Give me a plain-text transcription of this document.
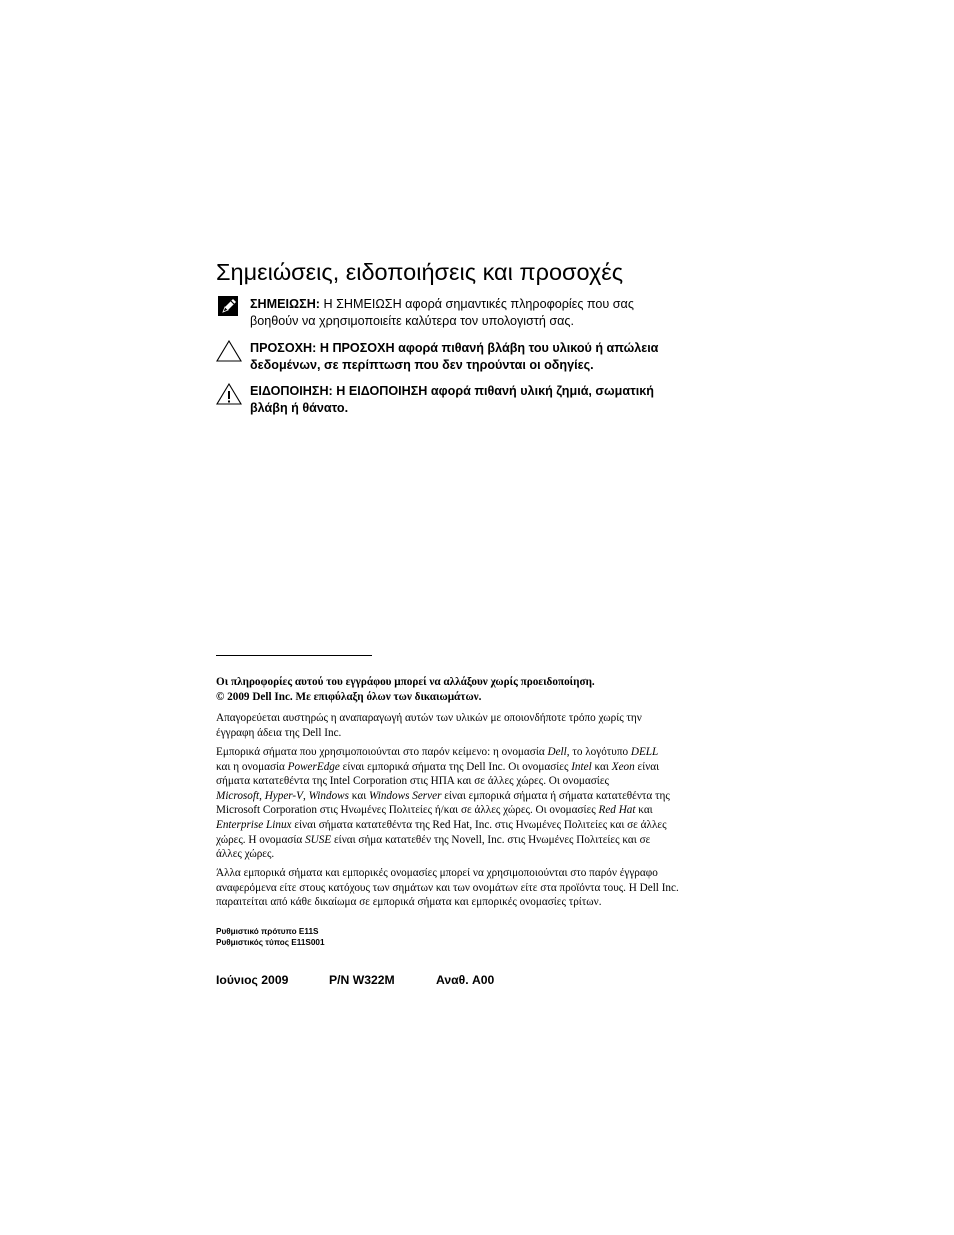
Σημειώσεις, ειδοποιήσεις και προσοχές
ΣΗΜΕΙΩΣΗ: Η ΣΗΜΕΙΩΣΗ αφορά σημαντικές πληροφορίες που σας
βοηθούν να χρησιμοποιείτε καλύτερα τον υπολογιστή σας.
ΠΡΟΣΟΧΗ: Η ΠΡΟΣΟΧΗ αφορά πιθανή βλάβη του υλικού ή απώλεια
δεδομένων, σε περίπτωση που δεν τηρούνται οι οδηγίες.
ΕΙΔΟΠΟΙΗΣΗ: Η ΕΙΔΟΠΟΙΗΣΗ αφορά πιθανή υλική ζημιά, σωματική
βλάβη ή θάνατο.

Οι πληροφορίες αυτού του εγγράφου μπορεί να αλλάξουν χωρίς προειδοποίηση.

© 2009 Dell Inc. Με επιφύλαξη όλων των δικαιωμάτων.

Απαγορεύεται αυστηρώς η αναπαραγωγή αυτών των υλικών με οποιονδήποτε τρόπο χωρίς την

έγγραφη άδεια της Dell Inc.

Εμπορικά σήματα που χρησιμοποιούνται στο παρόν κείμενο: η ονομασία Dell, το λογότυπο DELL

και η ονομασία PowerEdge είναι εμπορικά σήματα της Dell Inc. Οι ονομασίες Intel και Xeon είναι

σήματα κατατεθέντα της Intel Corporation στις ΗΠΑ και σε άλλες χώρες. Οι ονομασίες

Microsoft, Hyper-V, Windows και Windows Server είναι εμπορικά σήματα ή σήματα κατατεθέντα της

Microsoft Corporation στις Ηνωμένες Πολιτείες ή/και σε άλλες χώρες. Οι ονομασίες Red Hat και

Enterprise Linux είναι σήματα κατατεθέντα της Red Hat, Inc. στις Ηνωμένες Πολιτείες και σε άλλες

χώρες. Η ονομασία SUSE είναι σήμα κατατεθέν της Novell, Inc. στις Ηνωμένες Πολιτείες και σε

άλλες χώρες.

Άλλα εμπορικά σήματα και εμπορικές ονομασίες μπορεί να χρησιμοποιούνται στο παρόν έγγραφο

αναφερόμενα είτε στους κατόχους των σημάτων και των ονομάτων είτε στα προϊόντα τους. Η Dell Inc.

παραιτείται από κάθε δικαίωμα σε εμπορικά σήματα και εμπορικές ονομασίες τρίτων.

Ρυθμιστικό πρότυπο E11S
Ρυθμιστικός τύπος E11S001
Ιούνιος 2009	P/N W322M	Αναθ. A00
